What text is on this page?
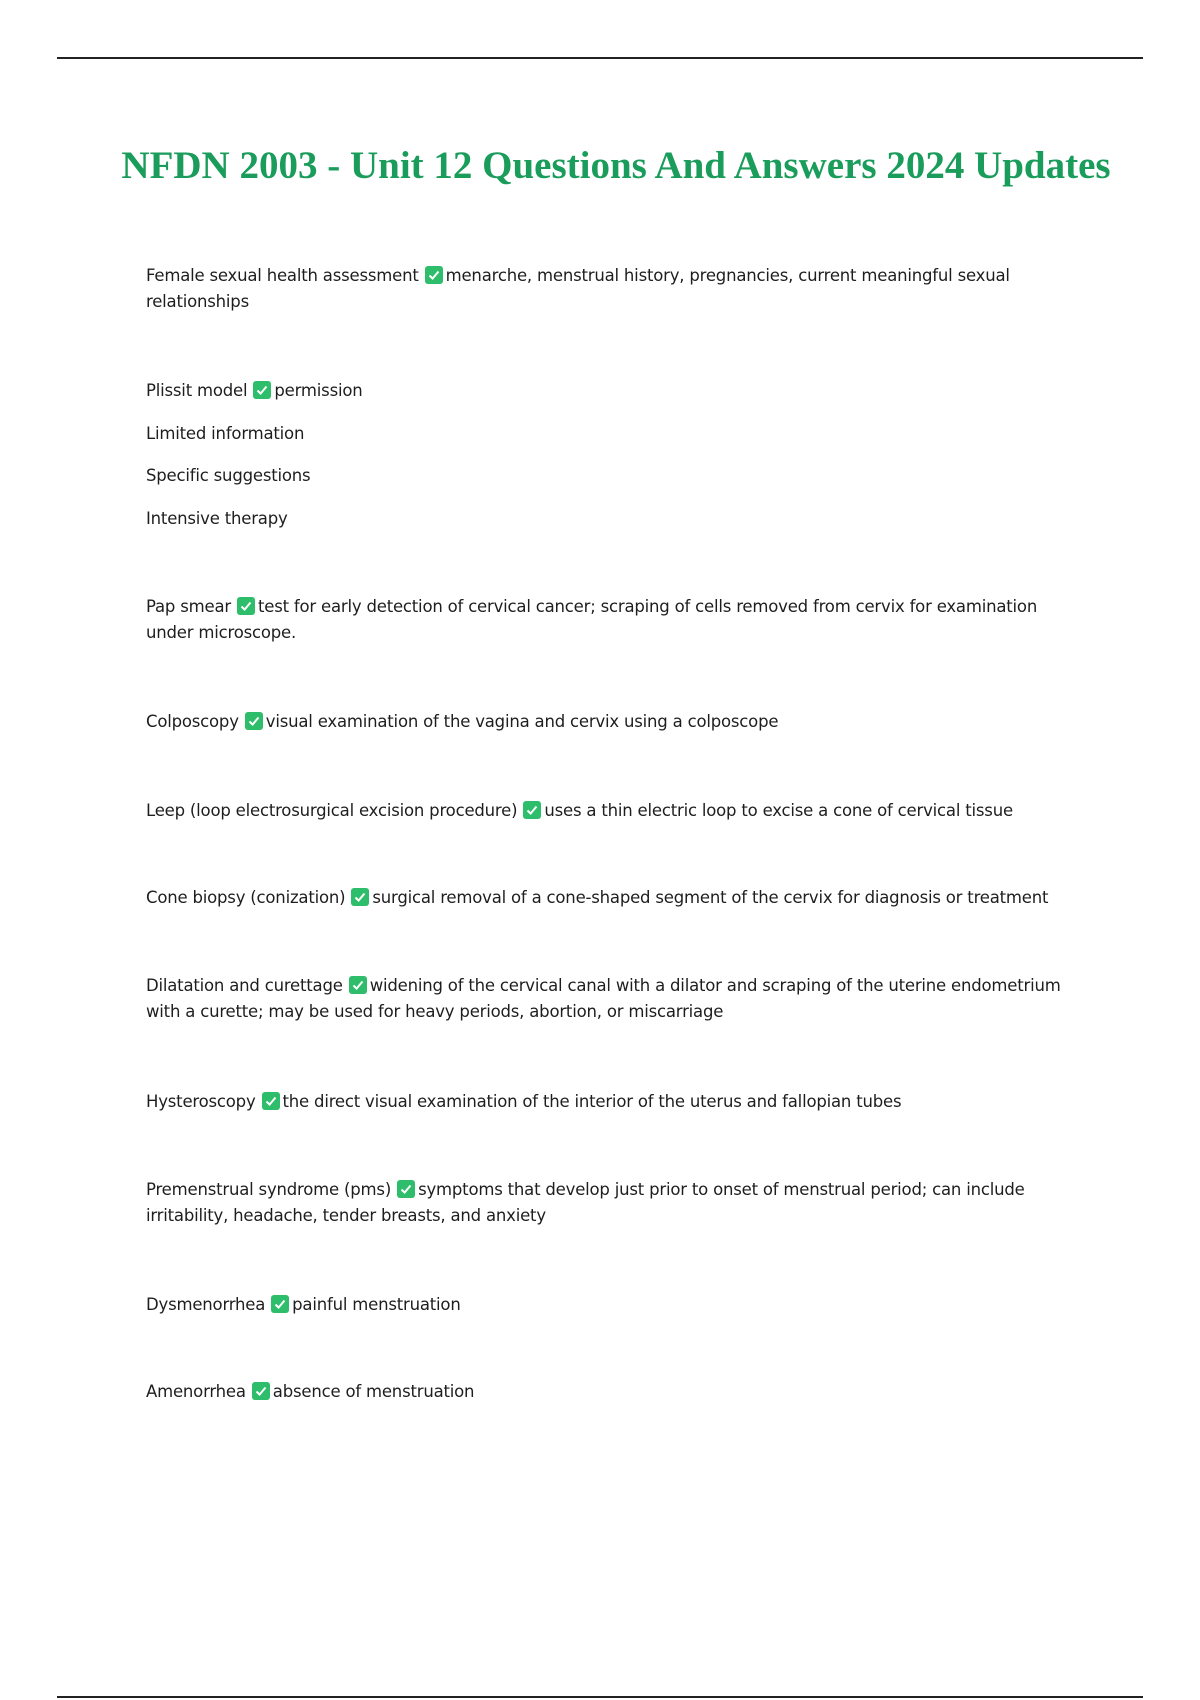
NFDN 2003 - Unit 12 Questions And Answers 2024 Updates

Female sexual health assessment menarche, menstrual history, pregnancies, current meaningful sexual relationships

Plissit model permission

Limited information

Specific suggestions

Intensive therapy

Pap smear test for early detection of cervical cancer; scraping of cells removed from cervix for examination under microscope.

Colposcopy visual examination of the vagina and cervix using a colposcope

Leep (loop electrosurgical excision procedure) uses a thin electric loop to excise a cone of cervical tissue

Cone biopsy (conization) surgical removal of a cone-shaped segment of the cervix for diagnosis or treatment

Dilatation and curettage widening of the cervical canal with a dilator and scraping of the uterine endometrium with a curette; may be used for heavy periods, abortion, or miscarriage

Hysteroscopy the direct visual examination of the interior of the uterus and fallopian tubes

Premenstrual syndrome (pms) symptoms that develop just prior to onset of menstrual period; can include irritability, headache, tender breasts, and anxiety

Dysmenorrhea painful menstruation

Amenorrhea absence of menstruation
